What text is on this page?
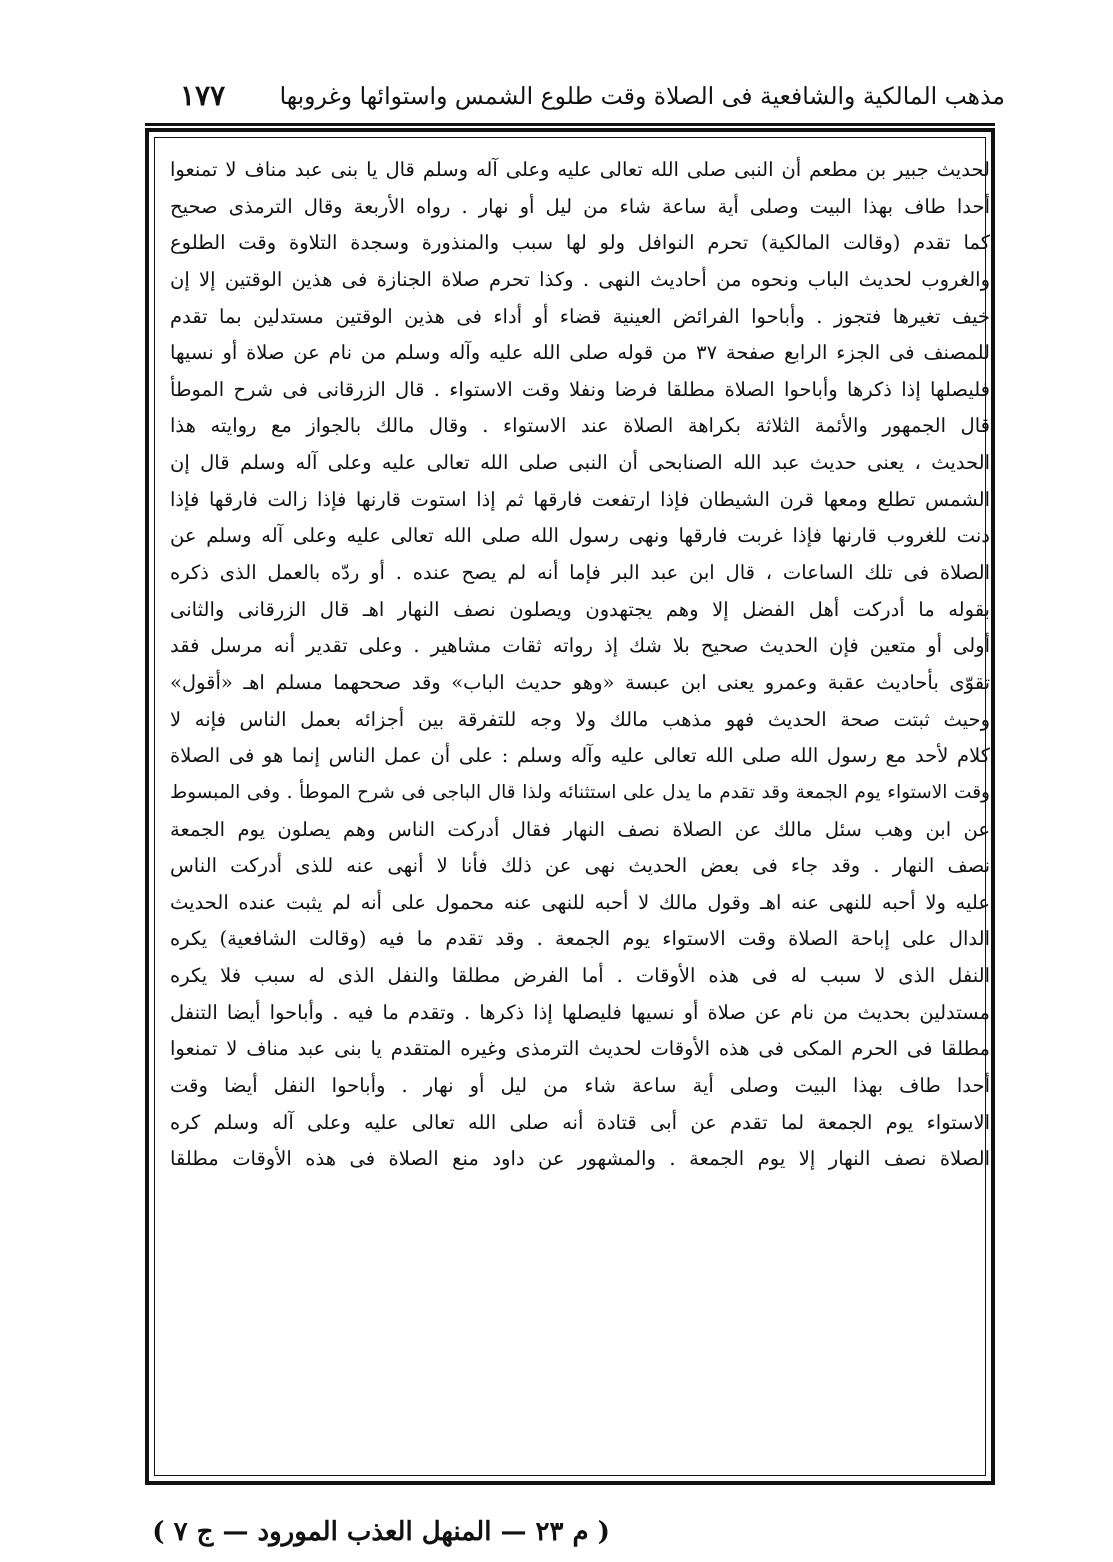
مذهب المالكية والشافعية فى الصلاة وقت طلوع الشمس واستوائها وغروبها
١٧٧
لحديث جبير بن مطعم أن النبى صلى الله تعالى عليه وعلى آله وسلم قال يا بنى عبد مناف لا تمنعوا
أحدا طاف بهذا البيت وصلى أية ساعة شاء من ليل أو نهار . رواه الأربعة وقال الترمذى صحيح
كما تقدم (وقالت المالكية) تحرم النوافل ولو لها سبب والمنذورة وسجدة التلاوة وقت الطلوع
والغروب لحديث الباب ونحوه من أحاديث النهى . وكذا تحرم صلاة الجنازة فى هذين الوقتين إلا إن
خيف تغيرها فتجوز . وأباحوا الفرائض العينية قضاء أو أداء فى هذين الوقتين مستدلين بما تقدم
للمصنف فى الجزء الرابع صفحة ٣٧ من قوله صلى الله عليه وآله وسلم من نام عن صلاة أو نسيها
فليصلها إذا ذكرها وأباحوا الصلاة مطلقا فرضا ونفلا وقت الاستواء . قال الزرقانى فى شرح الموطأ
قال الجمهور والأئمة الثلاثة بكراهة الصلاة عند الاستواء . وقال مالك بالجواز مع روايته هذا
الحديث ، يعنى حديث عبد الله الصنابحى أن النبى صلى الله تعالى عليه وعلى آله وسلم قال إن
الشمس تطلع ومعها قرن الشيطان فإذا ارتفعت فارقها ثم إذا استوت قارنها فإذا زالت فارقها فإذا
دنت للغروب قارنها فإذا غربت فارقها ونهى رسول الله صلى الله تعالى عليه وعلى آله وسلم عن
الصلاة فى تلك الساعات ، قال ابن عبد البر فإما أنه لم يصح عنده . أو ردّه بالعمل الذى ذكره
بقوله ما أدركت أهل الفضل إلا وهم يجتهدون ويصلون نصف النهار اهـ قال الزرقانى والثانى
أولى أو متعين فإن الحديث صحيح بلا شك إذ رواته ثقات مشاهير . وعلى تقدير أنه مرسل فقد
تقوّى بأحاديث عقبة وعمرو يعنى ابن عبسة «وهو حديث الباب» وقد صححهما مسلم اهـ «أقول»
وحيث ثبتت صحة الحديث فهو مذهب مالك ولا وجه للتفرقة بين أجزائه بعمل الناس فإنه لا
كلام لأحد مع رسول الله صلى الله تعالى عليه وآله وسلم : على أن عمل الناس إنما هو فى الصلاة
وقت الاستواء يوم الجمعة وقد تقدم ما يدل على استثنائه ولذا قال الباجى فى شرح الموطأ . وفى المبسوط
عن ابن وهب سئل مالك عن الصلاة نصف النهار فقال أدركت الناس وهم يصلون يوم الجمعة
نصف النهار . وقد جاء فى بعض الحديث نهى عن ذلك فأنا لا أنهى عنه للذى أدركت الناس
عليه ولا أحبه للنهى عنه اهـ وقول مالك لا أحبه للنهى عنه محمول على أنه لم يثبت عنده الحديث
الدال على إباحة الصلاة وقت الاستواء يوم الجمعة . وقد تقدم ما فيه (وقالت الشافعية) يكره
النفل الذى لا سبب له فى هذه الأوقات . أما الفرض مطلقا والنفل الذى له سبب فلا يكره
مستدلين بحديث من نام عن صلاة أو نسيها فليصلها إذا ذكرها . وتقدم ما فيه . وأباحوا أيضا التنفل
مطلقا فى الحرم المكى فى هذه الأوقات لحديث الترمذى وغيره المتقدم يا بنى عبد مناف لا تمنعوا
أحدا طاف بهذا البيت وصلى أية ساعة شاء من ليل أو نهار . وأباحوا النفل أيضا وقت
الاستواء يوم الجمعة لما تقدم عن أبى قتادة أنه صلى الله تعالى عليه وعلى آله وسلم كره
الصلاة نصف النهار إلا يوم الجمعة . والمشهور عن داود منع الصلاة فى هذه الأوقات مطلقا
( م ٢٣ — المنهل العذب المورود — ج ٧ )
